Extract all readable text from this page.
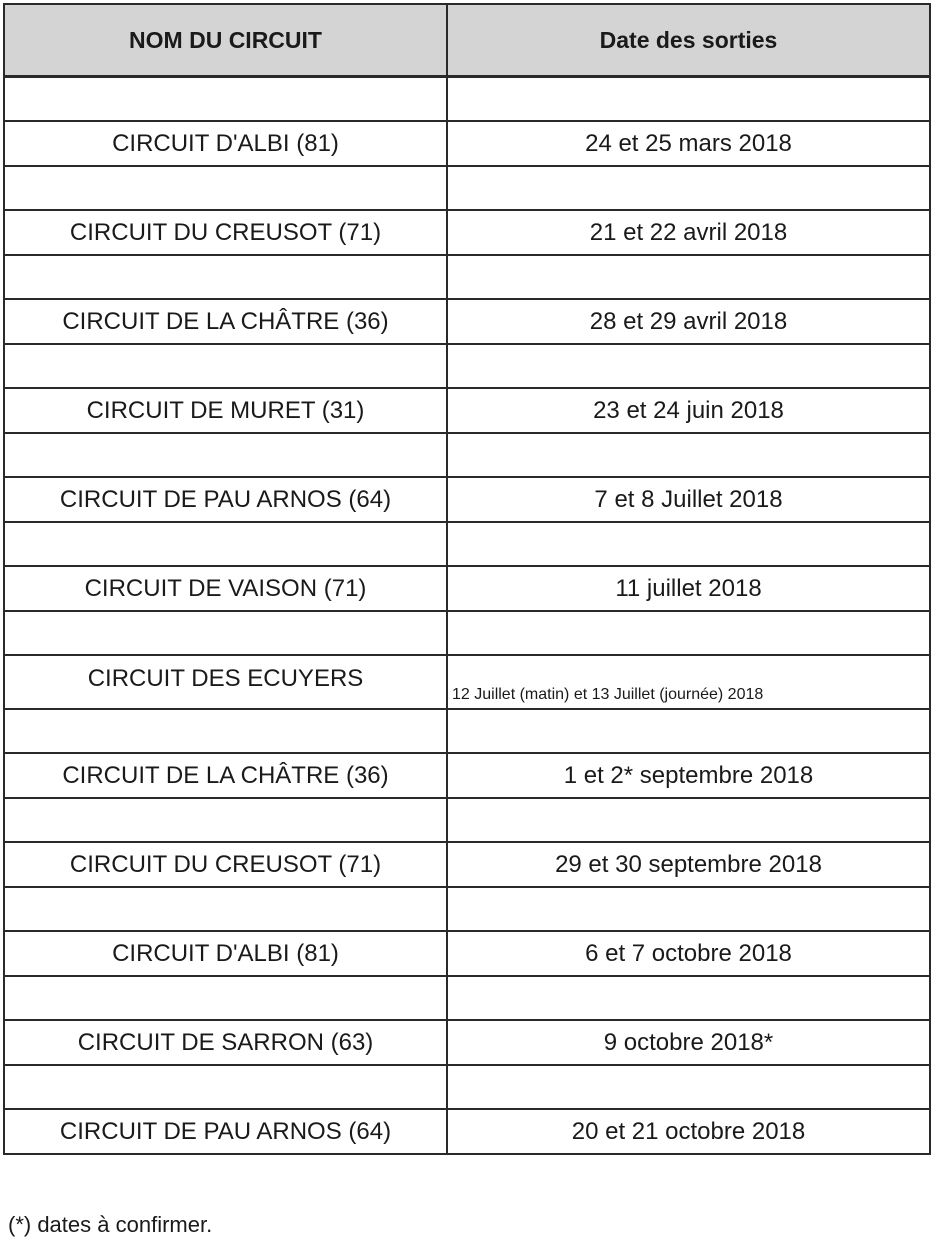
NOM DU CIRCUIT	Date des sorties

CIRCUIT D'ALBI (81)	24 et 25 mars 2018

CIRCUIT DU CREUSOT (71)	21 et 22 avril 2018

CIRCUIT DE LA CHÂTRE (36)	28 et 29 avril 2018

CIRCUIT DE MURET (31)	23 et 24 juin 2018

CIRCUIT DE PAU ARNOS (64)	7 et 8 Juillet 2018

CIRCUIT DE VAISON (71)	11 juillet 2018

CIRCUIT DES ECUYERS	12 Juillet (matin) et 13 Juillet (journée) 2018

CIRCUIT DE LA CHÂTRE (36)	1 et 2* septembre 2018

CIRCUIT DU CREUSOT (71)	29 et 30 septembre 2018

CIRCUIT D'ALBI (81)	6 et 7 octobre 2018

CIRCUIT DE SARRON (63)	9 octobre 2018*

CIRCUIT DE PAU ARNOS (64)	20 et 21 octobre 2018
(*) dates à confirmer.
